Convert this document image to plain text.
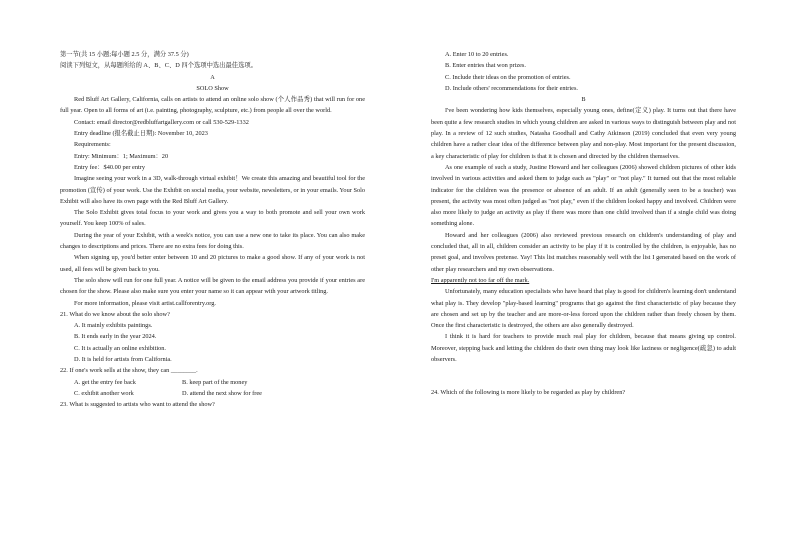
第一节(共 15 小题;每小题 2.5 分，满分 37.5 分)

阅读下列短文，从每题所给的 A、B、C、D 四个选项中选出最佳选项。

A

SOLO Show

Red Bluff Art Gallery, California, calls on artists to attend an online solo show (个人作品秀) that will run for one full year. Open to all forms of art (i.e. painting, photography, sculpture, etc.) from people all over the world.

Contact: email director@redbluffartgallery.com or call 530-529-1332

Entry deadline (报名截止日期): November 10, 2023

Requirements:

Entry: Minimum：1; Maximum：20

Entry fee：$40.00 per entry

Imagine seeing your work in a 3D, walk-through virtual exhibit！We create this amazing and beautiful tool for the promotion (宣传) of your work. Use the Exhibit on social media, your website, newsletters, or in your emails. Your Solo Exhibit will also have its own page with the Red Bluff Art Gallery.

The Solo Exhibit gives total focus to your work and gives you a way to both promote and sell your own work yourself. You keep 100% of sales.

During the year of your Exhibit, with a week's notice, you can use a new one to take its place. You can also make changes to descriptions and prices. There are no extra fees for doing this.

When signing up, you'd better enter between 10 and 20 pictures to make a good show. If any of your work is not used, all fees will be given back to you.

The solo show will run for one full year. A notice will be given to the email address you provide if your entries are chosen for the show. Please also make sure you enter your name so it can appear with your artwork titling.

For more information, please visit artist.callforentry.org.

21. What do we know about the solo show?

A. It mainly exhibits paintings.

B. It ends early in the year 2024.

C. It is actually an online exhibition.

D. It is held for artists from California.

22. If one's work sells at the show, they can ________.

A. get the entry fee back	B. keep part of the money
C. exhibit another work	D. attend the next show for free

23. What is suggested to artists who want to attend the show?

A. Enter 10 to 20 entries.

B. Enter entries that won prizes.

C. Include their ideas on the promotion of entries.

D. Include others' recommendations for their entries.

B

I've been wondering how kids themselves, especially young ones, define(定义) play. It turns out that there have been quite a few research studies in which young children are asked in various ways to distinguish between play and not play. In a review of 12 such studies, Natasha Goodhall and Cathy Atkinson (2019) concluded that even very young children have a rather clear idea of the difference between play and non-play. Most important for the present discussion, a key characteristic of play for children is that it is chosen and directed by the children themselves.

As one example of such a study, Justine Howard and her colleagues (2006) showed children pictures of other kids involved in various activities and asked them to judge each as "play" or "not play." It turned out that the most reliable indicator for the children was the presence or absence of an adult. If an adult (generally seen to be a teacher) was present, the activity was most often judged as "not play," even if the children looked happy and involved. Children were also more likely to judge an activity as play if there was more than one child involved than if a single child was doing something alone.

Howard and her colleagues (2006) also reviewed previous research on children's understanding of play and concluded that, all in all, children consider an activity to be play if it is controlled by the children, is enjoyable, has no preset goal, and involves pretense. Yay! This list matches reasonably well with the list I generated based on the work of other play researchers and my own observations.

I'm apparently not too far off the mark.

Unfortunately, many education specialists who have heard that play is good for children's learning don't understand what play is. They develop "play-based learning" programs that go against the first characteristic of play because they are chosen and set up by the teacher and are more-or-less forced upon the children rather than freely chosen by them. Once the first characteristic is destroyed, the others are also generally destroyed.

I think it is hard for teachers to provide much real play for children, because that means giving up control. Moreover, stepping back and letting the children do their own thing may look like laziness or negligence(疏忽) to adult observers.

24. Which of the following is more likely to be regarded as play by children?
